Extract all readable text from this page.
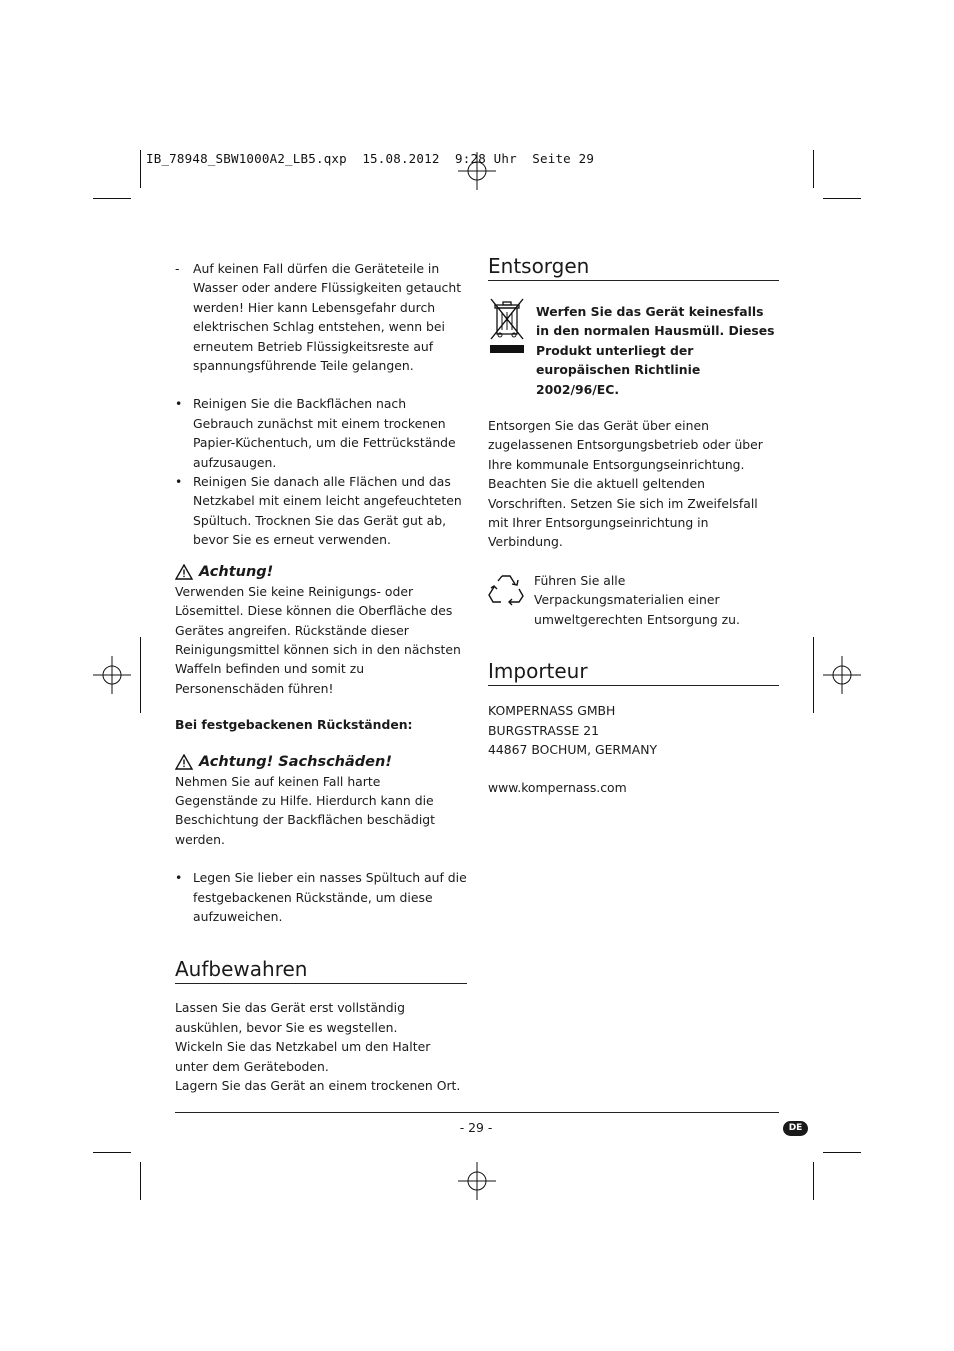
IB_78948_SBW1000A2_LB5.qxp  15.08.2012  9:28 Uhr  Seite 29
- Auf keinen Fall dürfen die Geräteteile in Wasser oder andere Flüssigkeiten getaucht werden! Hier kann Lebensgefahr durch elektrischen Schlag entstehen, wenn bei erneutem Betrieb Flüssigkeitsreste auf spannungsführende Teile gelangen.

• Reinigen Sie die Backflächen nach Gebrauch zunächst mit einem trockenen Papier-Küchentuch, um die Fettrückstände aufzusaugen.

• Reinigen Sie danach alle Flächen und das Netzkabel mit einem leicht angefeuchteten Spültuch. Trocknen Sie das Gerät gut ab, bevor Sie es erneut verwenden.

Achtung!

Verwenden Sie keine Reinigungs- oder Lösemittel. Diese können die Oberfläche des Gerätes angreifen. Rückstände dieser Reinigungsmittel können sich in den nächsten Waffeln befinden und somit zu Personenschäden führen!

Bei festgebackenen Rückständen:

Achtung! Sachschäden!

Nehmen Sie auf keinen Fall harte Gegenstände zu Hilfe. Hierdurch kann die Beschichtung der Backflächen beschädigt werden.

• Legen Sie lieber ein nasses Spültuch auf die festgebackenen Rückstände, um diese aufzuweichen.

Aufbewahren

Lassen Sie das Gerät erst vollständig auskühlen, bevor Sie es wegstellen.

Wickeln Sie das Netzkabel um den Halter unter dem Geräteboden.

Lagern Sie das Gerät an einem trockenen Ort.

Entsorgen

Werfen Sie das Gerät keinesfalls in den normalen Hausmüll. Dieses Produkt unterliegt der europäischen Richtlinie 2002/96/EC.

Entsorgen Sie das Gerät über einen zugelassenen Entsorgungsbetrieb oder über Ihre kommunale Entsorgungseinrichtung.

Beachten Sie die aktuell geltenden Vorschriften. Setzen Sie sich im Zweifelsfall mit Ihrer Entsorgungseinrichtung in Verbindung.

Führen Sie alle Verpackungsmaterialien einer umweltgerechten Entsorgung zu.

Importeur

KOMPERNASS GMBH

BURGSTRASSE 21

44867 BOCHUM, GERMANY

www.kompernass.com

- 29 -	DE
